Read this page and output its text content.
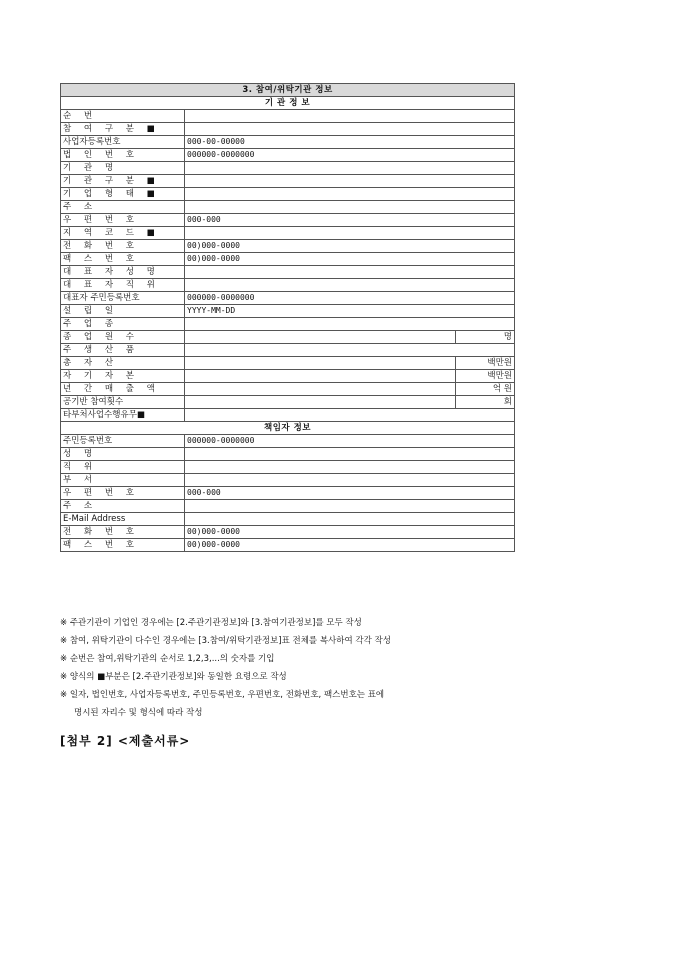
3. 참여/위탁기관 정보		
기 관 정 보		
순 번		
참 여 구 분 ■		
사업자등록번호	000-00-00000	
법 인 번 호	000000-0000000	
기 관 명		
기 관 구 분 ■		
기 업 형 태 ■		
주 소		
우 편 번 호	000-000	
지 역 코 드 ■		
전 화 번 호	00)000-0000	
팩 스 번 호	00)000-0000	
대 표 자 성 명		
대 표 자 직 위		
대표자 주민등록번호	000000-0000000	
설 립 일	YYYY-MM-DD	
주 업 종		
종 업 원 수		명
주 생 산 품		
총 자 산		백만원
자 기 자 본		백만원
년 간 매 출 액		억 원
공기반 참여횟수		회
타부처사업수행유무■		
책임자 정보		
주민등록번호	000000-0000000	
성 명		
직 위		
부 서		
우 편 번 호	000-000	
주 소		
E-Mail Address		
전 화 번 호	00)000-0000	
팩 스 번 호	00)000-0000	

※ 주관기관이 기업인 경우에는 [2.주관기관정보]와 [3.참여기관정보]를 모두 작성

※ 참여, 위탁기관이 다수인 경우에는 [3.참여/위탁기관정보]표 전체를 복사하여 각각 작성

※ 순번은 참여,위탁기관의 순서로 1,2,3,...의 숫자를 기입

※ 양식의 ■부분은 [2.주관기관정보]와 동일한 요령으로 작성

※ 일자, 법인번호, 사업자등록번호, 주민등록번호, 우편번호, 전화번호, 팩스번호는 표에

명시된 자리수 및 형식에 따라 작성

[첨부 2] <제출서류>
